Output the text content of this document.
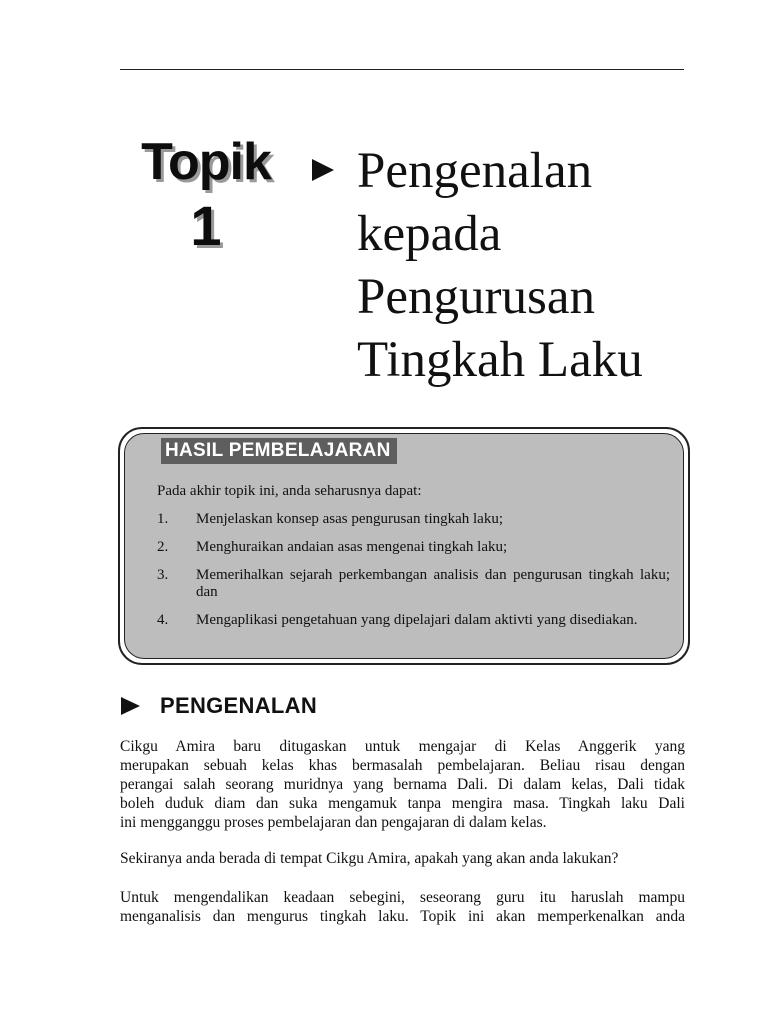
Topik
1
Pengenalan
kepada
Pengurusan
Tingkah Laku
HASIL PEMBELAJARAN
Pada akhir topik ini, anda seharusnya dapat:
1.	Menjelaskan konsep asas pengurusan tingkah laku;
2.	Menghuraikan andaian asas mengenai tingkah laku;
3.	Memerihalkan sejarah perkembangan analisis dan pengurusan tingkah laku; dan
4.	Mengaplikasi pengetahuan yang dipelajari dalam aktivti yang disediakan.
PENGENALAN
Cikgu Amira baru ditugaskan untuk mengajar di Kelas Anggerik yang
merupakan sebuah kelas khas bermasalah pembelajaran. Beliau risau dengan
perangai salah seorang muridnya yang bernama Dali. Di dalam kelas, Dali tidak
boleh duduk diam dan suka mengamuk tanpa mengira masa. Tingkah laku Dali
ini mengganggu proses pembelajaran dan pengajaran di dalam kelas.
Sekiranya anda berada di tempat Cikgu Amira, apakah yang akan anda lakukan?
Untuk mengendalikan keadaan sebegini, seseorang guru itu haruslah mampu
menganalisis dan mengurus tingkah laku. Topik ini akan memperkenalkan anda
